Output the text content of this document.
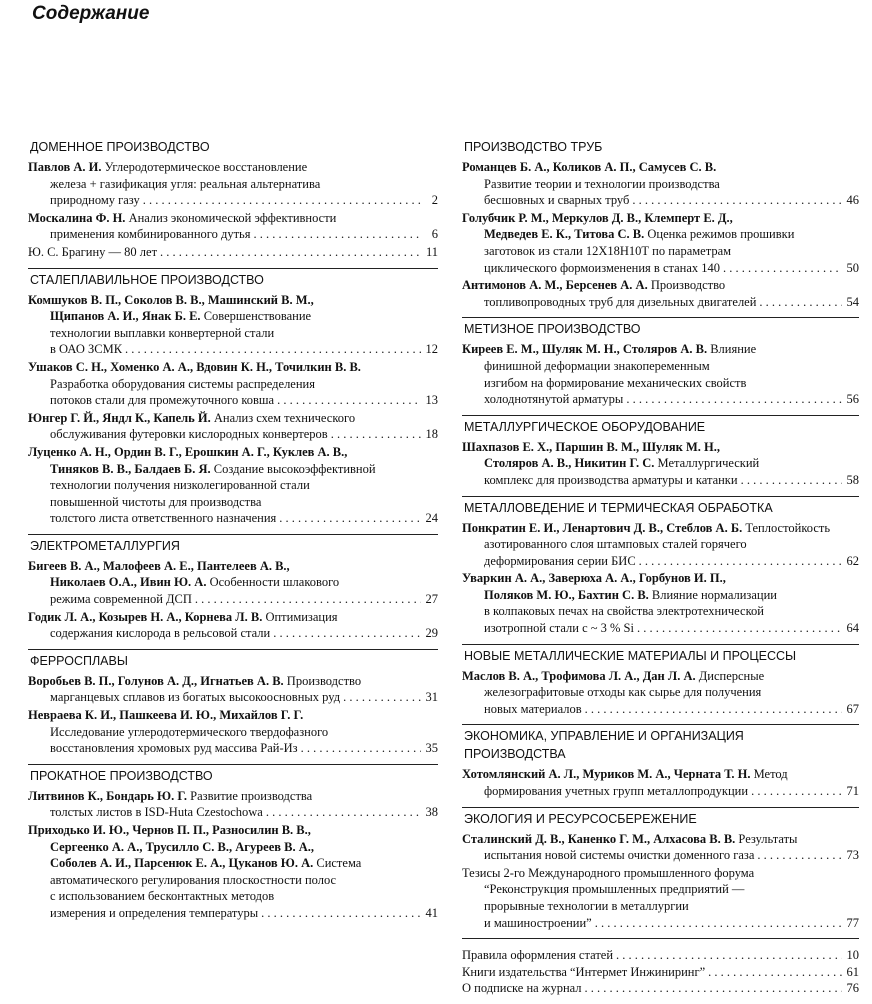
Содержание
ДОМЕННОЕ ПРОИЗВОДСТВО
Павлов А. И. Углеродотермическое восстановление
железа + газификация угля: реальная альтернатива
природному газу . . .	2
Москалина Ф. Н. Анализ экономической эффективности
применения комбинированного дутья . . .	6
Ю. С. Брагину — 80 лет . . .	11
СТАЛЕПЛАВИЛЬНОЕ ПРОИЗВОДСТВО
Комшуков В. П., Соколов В. В., Машинский В. М.,
Щипанов А. И., Янак Б. Е. Совершенствование
технологии выплавки конвертерной стали
в ОАО ЗСМК . . .	12
Ушаков С. Н., Хоменко А. А., Вдовин К. Н., Точилкин В. В.
Разработка оборудования системы распределения
потоков стали для промежуточного ковша . . .	13
Юнгер Г. Й., Яндл К., Капель Й. Анализ схем технического
обслуживания футеровки кислородных конвертеров . . .	18
Луценко А. Н., Ордин В. Г., Ерошкин А. Г., Куклев А. В.,
Тиняков В. В., Балдаев Б. Я. Создание высокоэффективной
технологии получения низколегированной стали
повышенной чистоты для производства
толстого листа ответственного назначения . . .	24
ЭЛЕКТРОМЕТАЛЛУРГИЯ
Бигеев В. А., Малофеев А. Е., Пантелеев А. В.,
Николаев О.А., Ивин Ю. А. Особенности шлакового
режима современной ДСП . . .	27
Годик Л. А., Козырев Н. А., Корнева Л. В. Оптимизация
содержания кислорода в рельсовой стали . . .	29
ФЕРРОСПЛАВЫ
Воробьев В. П., Голунов А. Д., Игнатьев А. В. Производство
марганцевых сплавов из богатых высокоосновных руд . . .	31
Невраева К. И., Пашкеева И. Ю., Михайлов Г. Г.
Исследование углеродотермического твердофазного
восстановления хромовых руд массива Рай-Из . . .	35
ПРОКАТНОЕ ПРОИЗВОДСТВО
Литвинов К., Бондарь Ю. Г. Развитие производства
толстых листов в ISD-Huta Czestochowa . . .	38
Приходько И. Ю., Чернов П. П., Разносилин В. В.,
Сергеенко А. А., Трусилло С. В., Агуреев В. А.,
Соболев А. И., Парсенюк Е. А., Цуканов Ю. А. Система
автоматического регулирования плоскостности полос
с использованием бесконтактных методов
измерения и определения температуры . . .	41
ПРОИЗВОДСТВО ТРУБ
Романцев Б. А., Коликов А. П., Самусев С. В.
Развитие теории и технологии производства
бесшовных и сварных труб . . .	46
Голубчик Р. М., Меркулов Д. В., Клемперт Е. Д.,
Медведев Е. К., Титова С. В. Оценка режимов прошивки
заготовок из стали 12Х18Н10Т по параметрам
циклического формоизменения в станах 140 . . .	50
Антимонов А. М., Берсенев А. А. Производство
топливопроводных труб для дизельных двигателей . . .	54
МЕТИЗНОЕ ПРОИЗВОДСТВО
Киреев Е. М., Шуляк М. Н., Столяров А. В. Влияние
финишной деформации знакопеременным
изгибом на формирование механических свойств
холоднотянутой арматуры . . .	56
МЕТАЛЛУРГИЧЕСКОЕ ОБОРУДОВАНИЕ
Шахпазов Е. Х., Паршин В. М., Шуляк М. Н.,
Столяров А. В., Никитин Г. С. Металлургический
комплекс для производства арматуры и катанки . . .	58
МЕТАЛЛОВЕДЕНИЕ И ТЕРМИЧЕСКАЯ ОБРАБОТКА
Понкратин Е. И., Ленартович Д. В., Стеблов А. Б. Теплостойкость
азотированного слоя штамповых сталей горячего
деформирования серии БИС . . .	62
Уваркин А. А., Заверюха А. А., Горбунов И. П.,
Поляков М. Ю., Бахтин С. В. Влияние нормализации
в колпаковых печах на свойства электротехнической
изотропной стали с ~ 3 % Si . . .	64
НОВЫЕ МЕТАЛЛИЧЕСКИЕ МАТЕРИАЛЫ И ПРОЦЕССЫ
Маслов В. А., Трофимова Л. А., Дан Л. А. Дисперсные
железографитовые отходы как сырье для получения
новых материалов . . .	67
ЭКОНОМИКА, УПРАВЛЕНИЕ И ОРГАНИЗАЦИЯ
ПРОИЗВОДСТВА
Хотомлянский А. Л., Муриков М. А., Черната Т. Н. Метод
формирования учетных групп металлопродукции . . .	71
ЭКОЛОГИЯ И РЕСУРСОСБЕРЕЖЕНИЕ
Сталинский Д. В., Каненко Г. М., Алхасова В. В. Результаты
испытания новой системы очистки доменного газа . . .	73
Тезисы 2-го Международного промышленного форума
“Реконструкция промышленных предприятий —
прорывные технологии в металлургии
и машиностроении” . . .	77
Правила оформления статей . . .	10
Книги издательства “Интермет Инжиниринг” . . .	61
О подписке на журнал . . .	76
